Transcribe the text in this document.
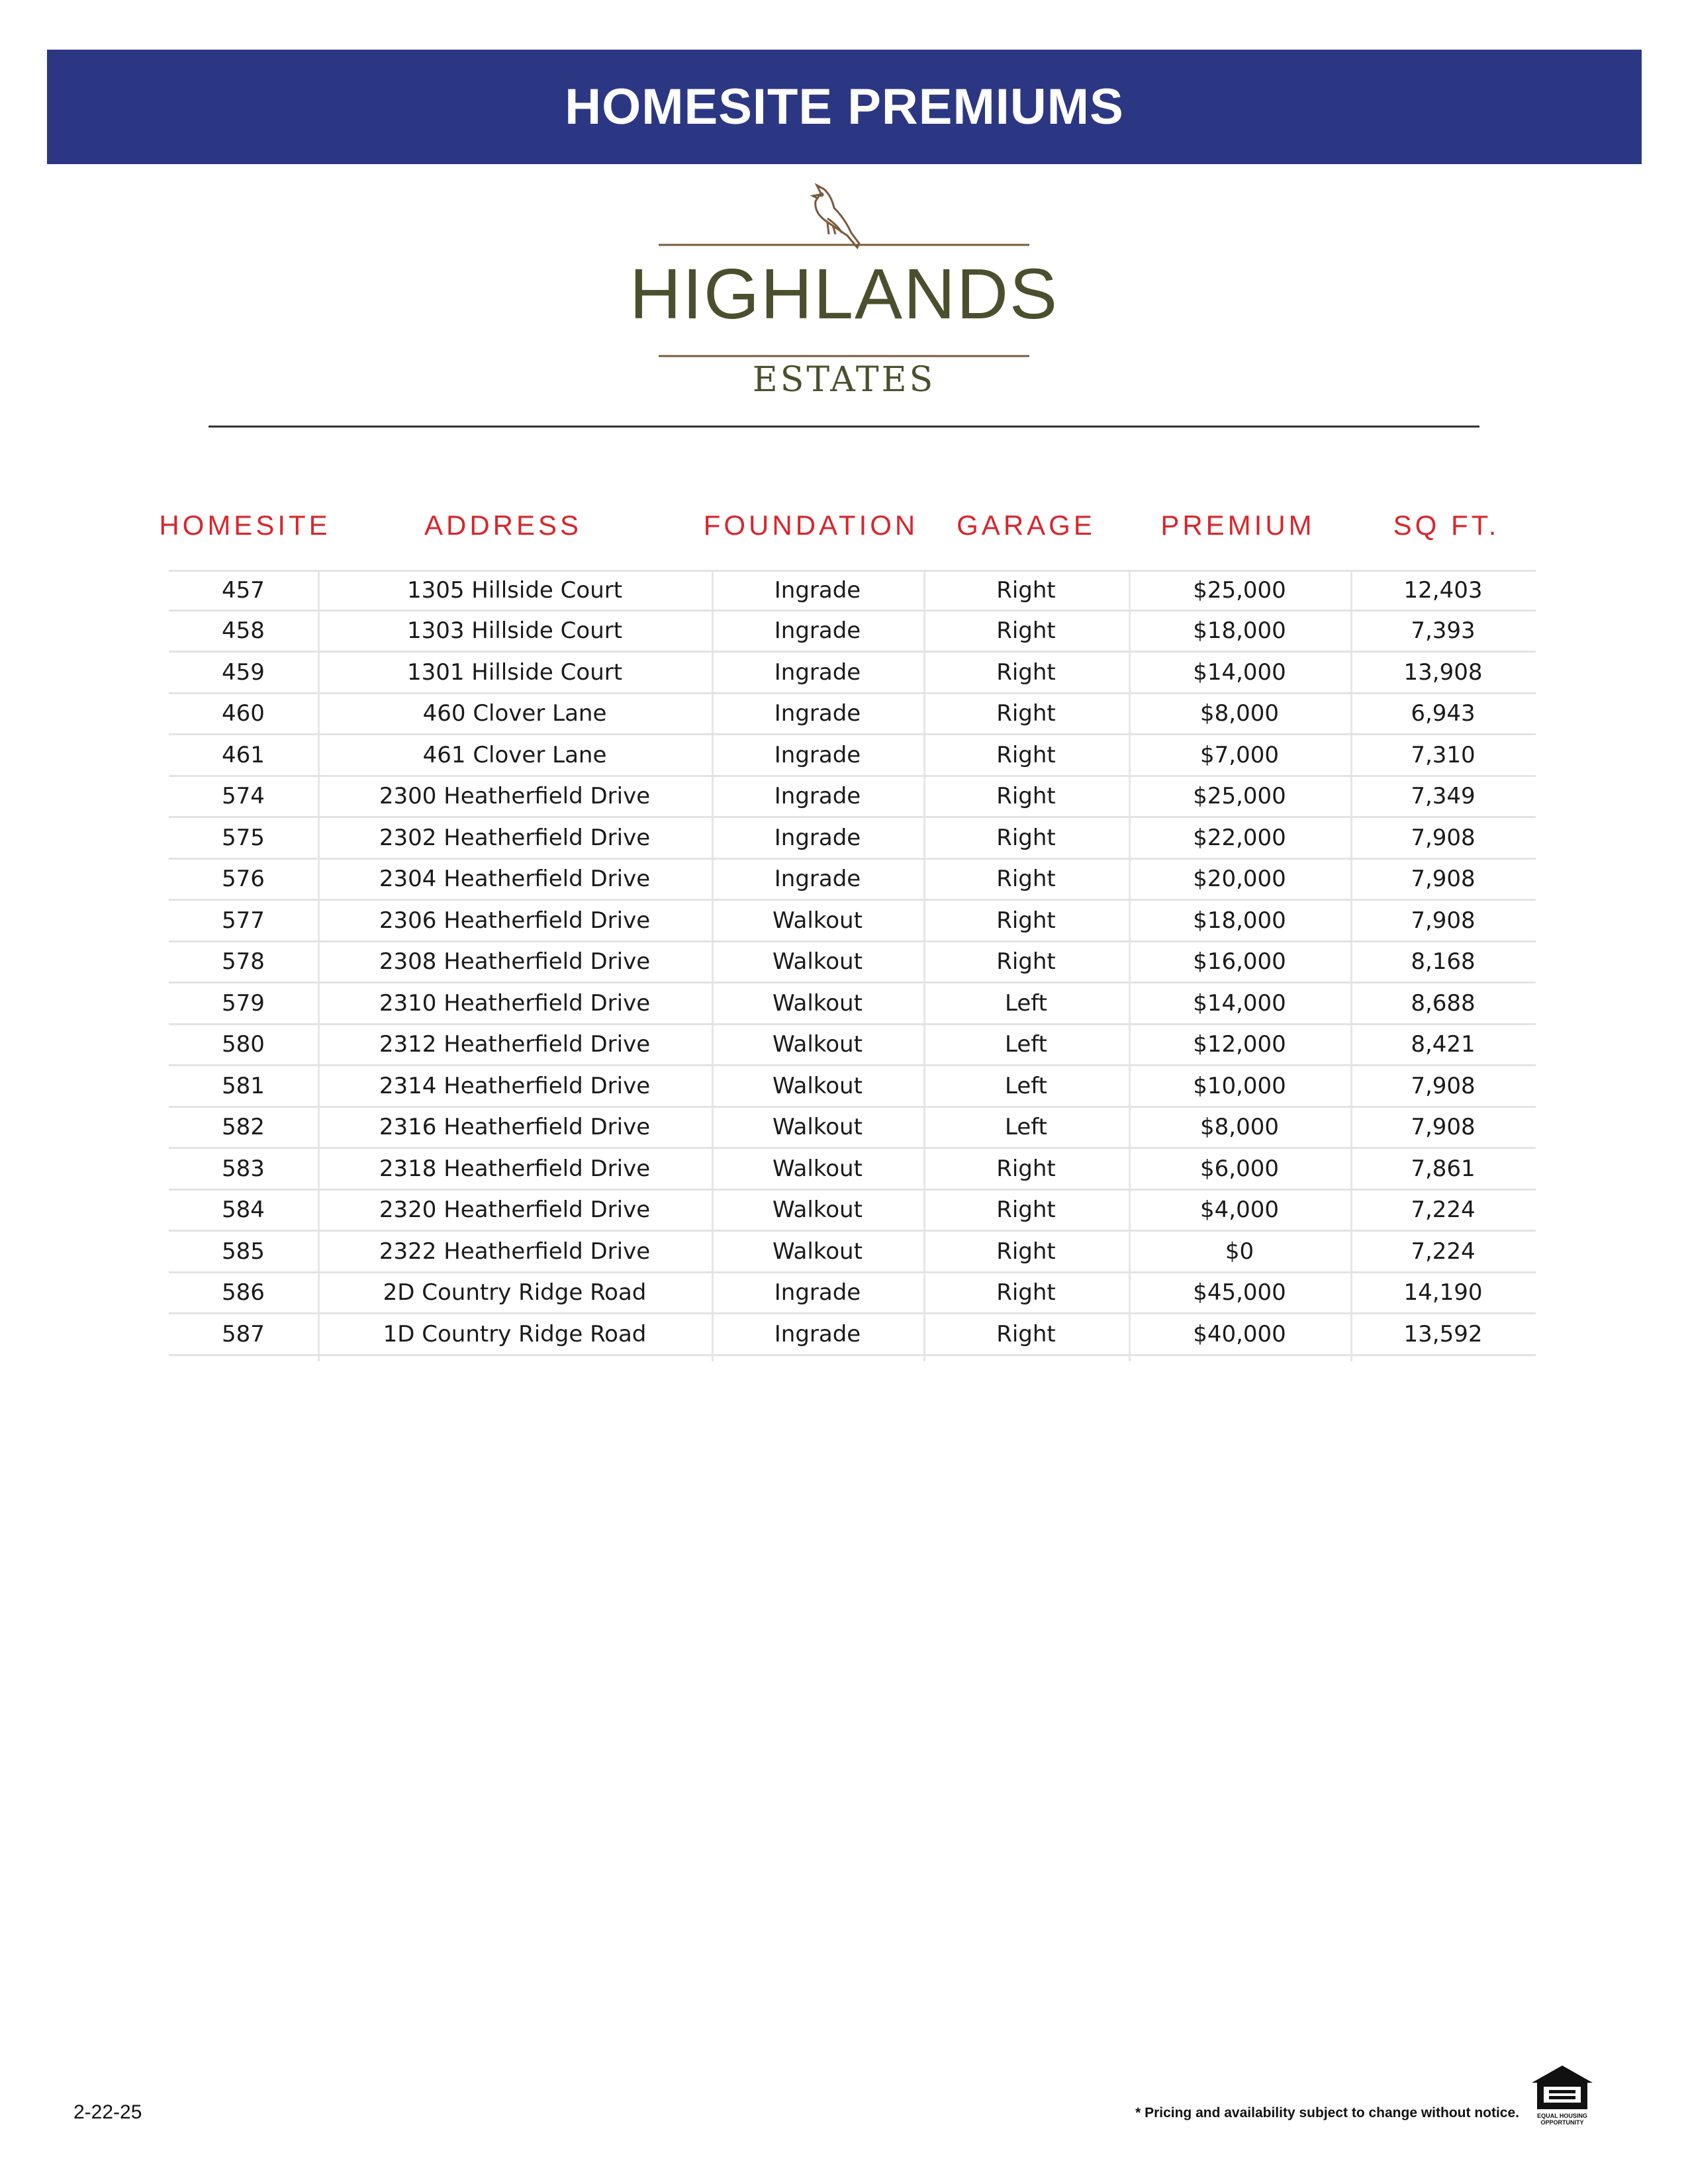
HOMESITE PREMIUMS
HIGHLANDS
ESTATES
HOMESITE	ADDRESS	FOUNDATION	GARAGE	PREMIUM	SQ FT.
457	1305 Hillside Court	Ingrade	Right	$25,000	12,403
458	1303 Hillside Court	Ingrade	Right	$18,000	7,393
459	1301 Hillside Court	Ingrade	Right	$14,000	13,908
460	460 Clover Lane	Ingrade	Right	$8,000	6,943
461	461 Clover Lane	Ingrade	Right	$7,000	7,310
574	2300 Heatherfield Drive	Ingrade	Right	$25,000	7,349
575	2302 Heatherfield Drive	Ingrade	Right	$22,000	7,908
576	2304 Heatherfield Drive	Ingrade	Right	$20,000	7,908
577	2306 Heatherfield Drive	Walkout	Right	$18,000	7,908
578	2308 Heatherfield Drive	Walkout	Right	$16,000	8,168
579	2310 Heatherfield Drive	Walkout	Left	$14,000	8,688
580	2312 Heatherfield Drive	Walkout	Left	$12,000	8,421
581	2314 Heatherfield Drive	Walkout	Left	$10,000	7,908
582	2316 Heatherfield Drive	Walkout	Left	$8,000	7,908
583	2318 Heatherfield Drive	Walkout	Right	$6,000	7,861
584	2320 Heatherfield Drive	Walkout	Right	$4,000	7,224
585	2322 Heatherfield Drive	Walkout	Right	$0	7,224
586	2D Country Ridge Road	Ingrade	Right	$45,000	14,190
587	1D Country Ridge Road	Ingrade	Right	$40,000	13,592
2-22-25	* Pricing and availability subject to change without notice.	EQUAL HOUSING
OPPORTUNITY
